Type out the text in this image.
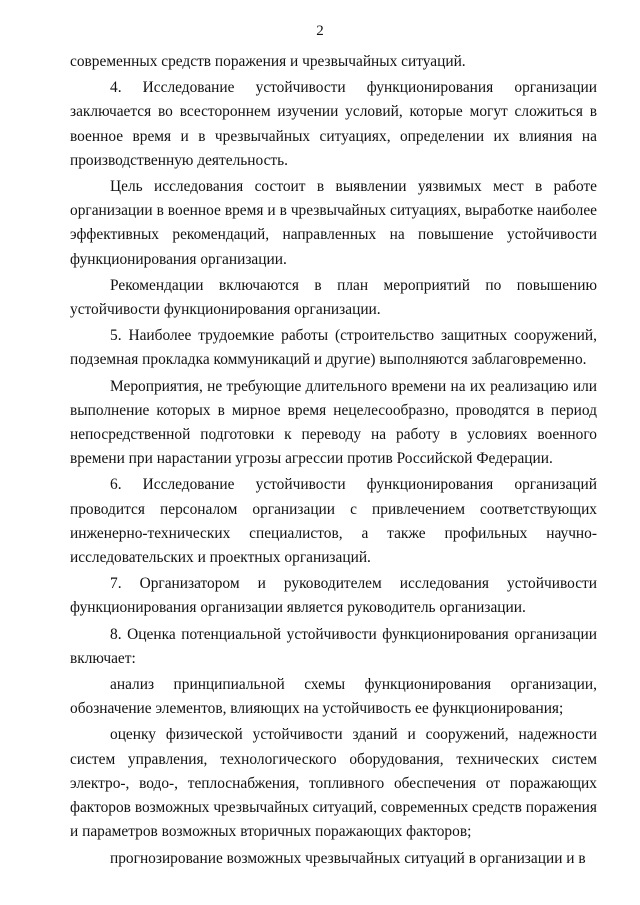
2

современных средств поражения и чрезвычайных ситуаций.

4. Исследование устойчивости функционирования организации заключается во всестороннем изучении условий, которые могут сложиться в военное время и в чрезвычайных ситуациях, определении их влияния на производственную деятельность.

Цель исследования состоит в выявлении уязвимых мест в работе организации в военное время и в чрезвычайных ситуациях, выработке наиболее эффективных рекомендаций, направленных на повышение устойчивости функционирования организации.

Рекомендации включаются в план мероприятий по повышению устойчивости функционирования организации.

5. Наиболее трудоемкие работы (строительство защитных сооружений, подземная прокладка коммуникаций и другие) выполняются заблаговременно.

Мероприятия, не требующие длительного времени на их реализацию или выполнение которых в мирное время нецелесообразно, проводятся в период непосредственной подготовки к переводу на работу в условиях военного времени при нарастании угрозы агрессии против Российской Федерации.

6. Исследование устойчивости функционирования организаций проводится персоналом организации с привлечением соответствующих инженерно-технических специалистов, а также профильных научно-исследовательских и проектных организаций.

7. Организатором и руководителем исследования устойчивости функционирования организации является руководитель организации.

8. Оценка потенциальной устойчивости функционирования организации включает:

анализ принципиальной схемы функционирования организации, обозначение элементов, влияющих на устойчивость ее функционирования;

оценку физической устойчивости зданий и сооружений, надежности систем управления, технологического оборудования, технических систем электро-, водо-, теплоснабжения, топливного обеспечения от поражающих факторов возможных чрезвычайных ситуаций, современных средств поражения и параметров возможных вторичных поражающих факторов;

прогнозирование возможных чрезвычайных ситуаций в организации и в
